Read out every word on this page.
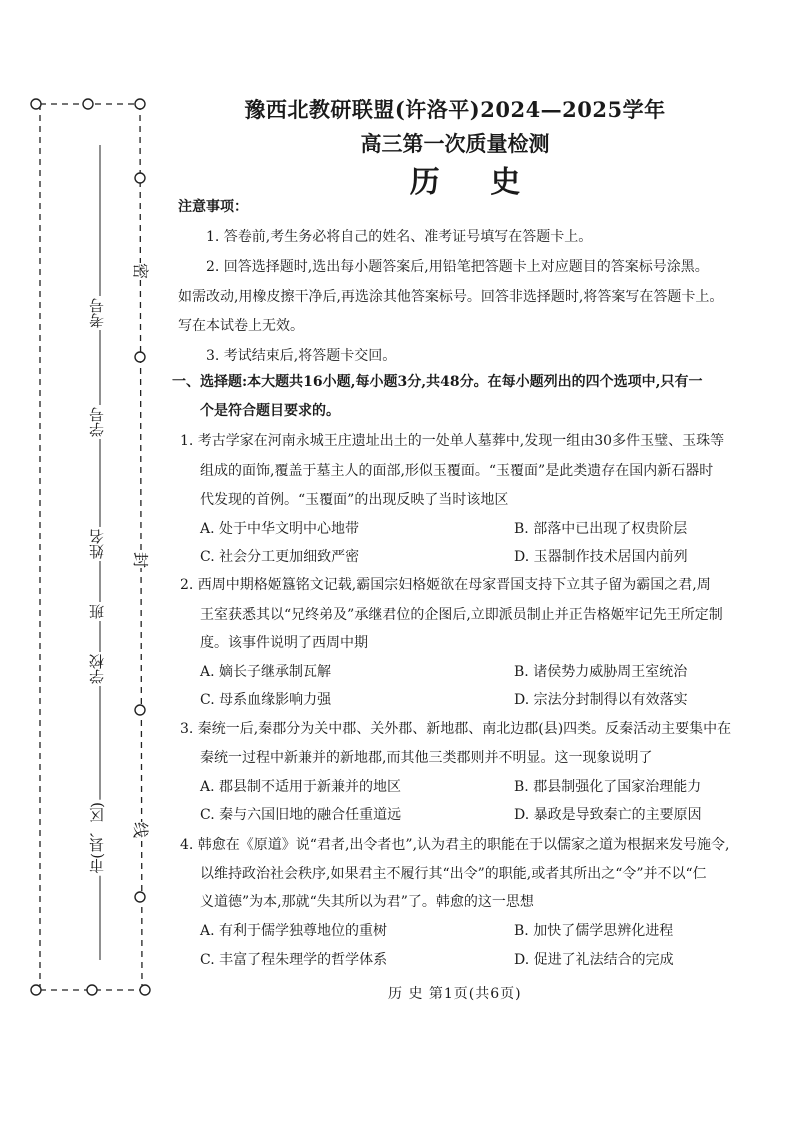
考号
学号
姓名
班
学校
市(县、区)
密
封
线
豫西北教研联盟(许洛平)2024—2025学年
高三第一次质量检测
历 史
注意事项：
1. 答卷前,考生务必将自己的姓名、准考证号填写在答题卡上。
2. 回答选择题时,选出每小题答案后,用铅笔把答题卡上对应题目的答案标号涂黑。
如需改动,用橡皮擦干净后,再选涂其他答案标号。回答非选择题时,将答案写在答题卡上。
写在本试卷上无效。
3. 考试结束后,将答题卡交回。
一、选择题:本大题共16小题,每小题3分,共48分。在每小题列出的四个选项中,只有一
个是符合题目要求的。
1. 考古学家在河南永城王庄遗址出土的一处单人墓葬中,发现一组由30多件玉璧、玉珠等
组成的面饰,覆盖于墓主人的面部,形似玉覆面。“玉覆面”是此类遗存在国内新石器时
代发现的首例。“玉覆面”的出现反映了当时该地区
A. 处于中华文明中心地带	B. 部落中已出现了权贵阶层
C. 社会分工更加细致严密	D. 玉器制作技术居国内前列
2. 西周中期格姬簋铭文记载,霸国宗妇格姬欲在母家晋国支持下立其子留为霸国之君,周
王室获悉其以“兄终弟及”承继君位的企图后,立即派员制止并正告格姬牢记先王所定制
度。该事件说明了西周中期
A. 嫡长子继承制瓦解	B. 诸侯势力威胁周王室统治
C. 母系血缘影响力强	D. 宗法分封制得以有效落实
3. 秦统一后,秦郡分为关中郡、关外郡、新地郡、南北边郡(县)四类。反秦活动主要集中在
秦统一过程中新兼并的新地郡,而其他三类郡则并不明显。这一现象说明了
A. 郡县制不适用于新兼并的地区	B. 郡县制强化了国家治理能力
C. 秦与六国旧地的融合任重道远	D. 暴政是导致秦亡的主要原因
4. 韩愈在《原道》说“君者,出令者也”,认为君主的职能在于以儒家之道为根据来发号施令,
以维持政治社会秩序,如果君主不履行其“出令”的职能,或者其所出之“令”并不以“仁
义道德”为本,那就“失其所以为君”了。韩愈的这一思想
A. 有利于儒学独尊地位的重树	B. 加快了儒学思辨化进程
C. 丰富了程朱理学的哲学体系	D. 促进了礼法结合的完成
历 史 第1页(共6页)
